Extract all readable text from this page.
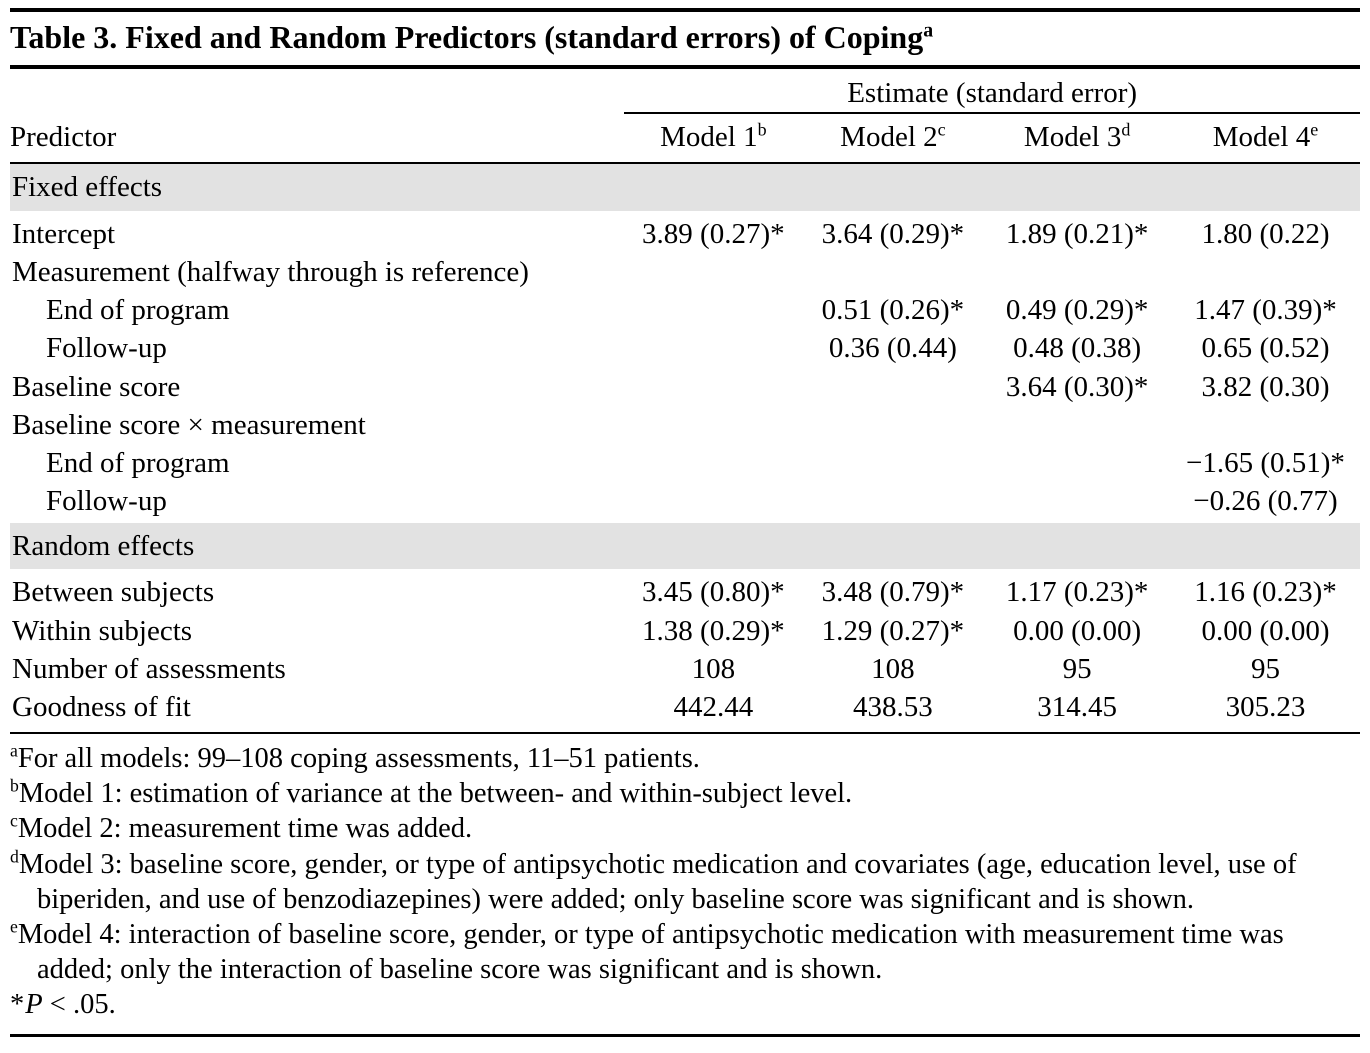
Table 3. Fixed and Random Predictors (standard errors) of Coping$^a$
	Estimate (standard error)			
Predictor	Model 1$^b$	Model 2$^c$	Model 3$^d$	Model 4e
Fixed effects				
Intercept	3.89 (0.27)*	3.64 (0.29)*	1.89 (0.21)*	1.80 (0.22)
Measurement (halfway through is reference)				
End of program		0.51 (0.26)*	0.49 (0.29)*	1.47 (0.39)*
Follow-up		0.36 (0.44)	0.48 (0.38)	0.65 (0.52)
Baseline score			3.64 (0.30)*	3.82 (0.30)
Baseline score × measurement				
End of program				−1.65 (0.51)*
Follow-up				−0.26 (0.77)
Random effects				
Between subjects	3.45 (0.80)*	3.48 (0.79)*	1.17 (0.23)*	1.16 (0.23)*
Within subjects	1.38 (0.29)*	1.29 (0.27)*	0.00 (0.00)	0.00 (0.00)
Number of assessments	108	108	95	95
Goodness of fit	442.44	438.53	314.45	305.23

$^a$For all models: 99–108 coping assessments, 11–51 patients.

$^b$Model 1: estimation of variance at the between- and within-subject level.

$^c$Model 2: measurement time was added.

$^d$Model 3: baseline score, gender, or type of antipsychotic medication and covariates (age, education level, use of biperiden, and use of benzodiazepines) were added; only baseline score was significant and is shown.

$^e$Model 4: interaction of baseline score, gender, or type of antipsychotic medication with measurement time was added; only the interaction of baseline score was significant and is shown.

*P < .05.
